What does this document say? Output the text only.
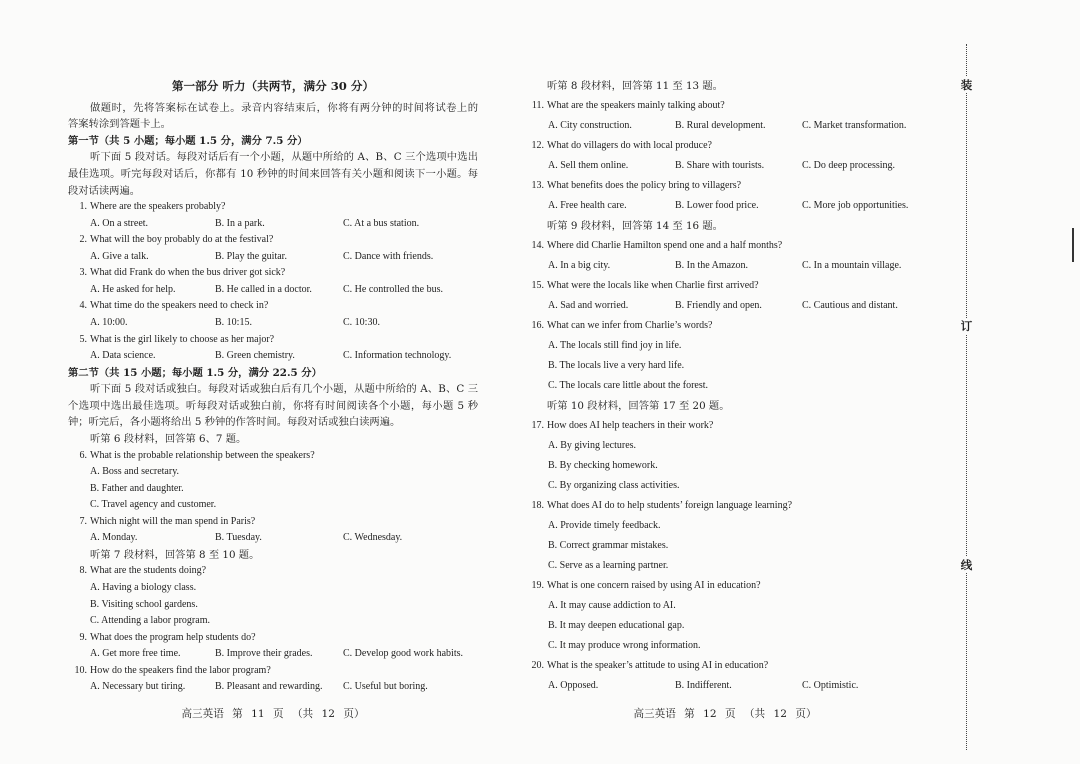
第一部分 听力（共两节，满分 30 分）
做题时，先将答案标在试卷上。录音内容结束后，你将有两分钟的时间将试卷上的
答案转涂到答题卡上。
第一节（共 5 小题；每小题 1.5 分，满分 7.5 分）
听下面 5 段对话。每段对话后有一个小题，从题中所给的 A、B、C 三个选项中选出
最佳选项。听完每段对话后，你都有 10 秒钟的时间来回答有关小题和阅读下一小题。每
段对话读两遍。
1. Where are the speakers probably?
A. On a street.	B. In a park.	C. At a bus station.
2. What will the boy probably do at the festival?
A. Give a talk.	B. Play the guitar.	C. Dance with friends.
3. What did Frank do when the bus driver got sick?
A. He asked for help.	B. He called in a doctor.	C. He controlled the bus.
4. What time do the speakers need to check in?
A. 10:00.	B. 10:15.	C. 10:30.
5. What is the girl likely to choose as her major?
A. Data science.	B. Green chemistry.	C. Information technology.
第二节（共 15 小题；每小题 1.5 分，满分 22.5 分）
听下面 5 段对话或独白。每段对话或独白后有几个小题，从题中所给的 A、B、C 三
个选项中选出最佳选项。听每段对话或独白前，你将有时间阅读各个小题，每小题 5 秒
钟；听完后，各小题将给出 5 秒钟的作答时间。每段对话或独白读两遍。
听第 6 段材料，回答第 6、7 题。
6. What is the probable relationship between the speakers?
A. Boss and secretary.
B. Father and daughter.
C. Travel agency and customer.
7. Which night will the man spend in Paris?
A. Monday.	B. Tuesday.	C. Wednesday.
听第 7 段材料，回答第 8 至 10 题。
8. What are the students doing?
A. Having a biology class.
B. Visiting school gardens.
C. Attending a labor program.
9. What does the program help students do?
A. Get more free time.	B. Improve their grades.	C. Develop good work habits.
10. How do the speakers find the labor program?
A. Necessary but tiring.	B. Pleasant and rewarding. C. Useful but boring.
听第 8 段材料，回答第 11 至 13 题。
11. What are the speakers mainly talking about?
A. City construction.	B. Rural development.	C. Market transformation.
12. What do villagers do with local produce?
A. Sell them online.	B. Share with tourists.	C. Do deep processing.
13. What benefits does the policy bring to villagers?
A. Free health care.	B. Lower food price.	C. More job opportunities.
听第 9 段材料，回答第 14 至 16 题。
14. Where did Charlie Hamilton spend one and a half months?
A. In a big city.	B. In the Amazon.	C. In a mountain village.
15. What were the locals like when Charlie first arrived?
A. Sad and worried.	B. Friendly and open.	C. Cautious and distant.
16. What can we infer from Charlie’s words?
A. The locals still find joy in life.
B. The locals live a very hard life.
C. The locals care little about the forest.
听第 10 段材料，回答第 17 至 20 题。
17. How does AI help teachers in their work?
A. By giving lectures.
B. By checking homework.
C. By organizing class activities.
18. What does AI do to help students’ foreign language learning?
A. Provide timely feedback.
B. Correct grammar mistakes.
C. Serve as a learning partner.
19. What is one concern raised by using AI in education?
A. It may cause addiction to AI.
B. It may deepen educational gap.
C. It may produce wrong information.
20. What is the speaker’s attitude to using AI in education?
A. Opposed.	B. Indifferent.	C. Optimistic.
高三英语 第 11 页 （共 12 页）	高三英语 第 12 页 （共 12 页）
装
订
线
